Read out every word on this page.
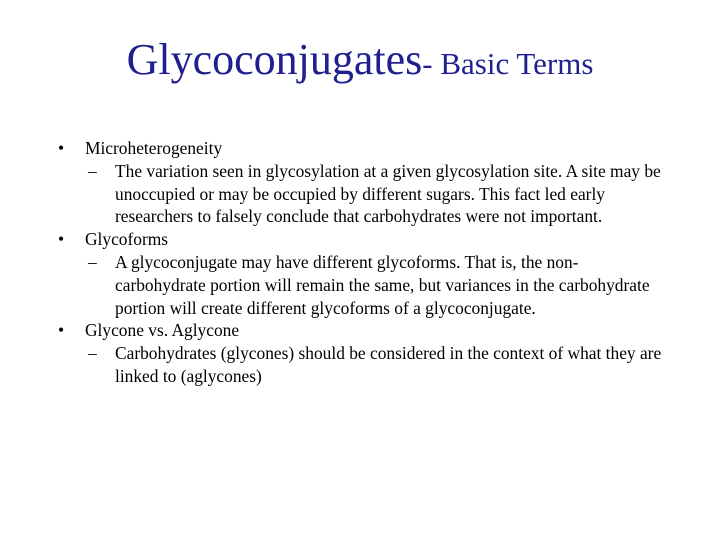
Glycoconjugates- Basic Terms
• Microheterogeneity
– The variation seen in glycosylation at a given glycosylation site. A site may be unoccupied or may be occupied by different sugars. This fact led early researchers to falsely conclude that carbohydrates were not important.
• Glycoforms
– A glycoconjugate may have different glycoforms. That is, the non-carbohydrate portion will remain the same, but variances in the carbohydrate portion will create different glycoforms of a glycoconjugate.
• Glycone vs. Aglycone
– Carbohydrates (glycones) should be considered in the context of what they are linked to (aglycones)
